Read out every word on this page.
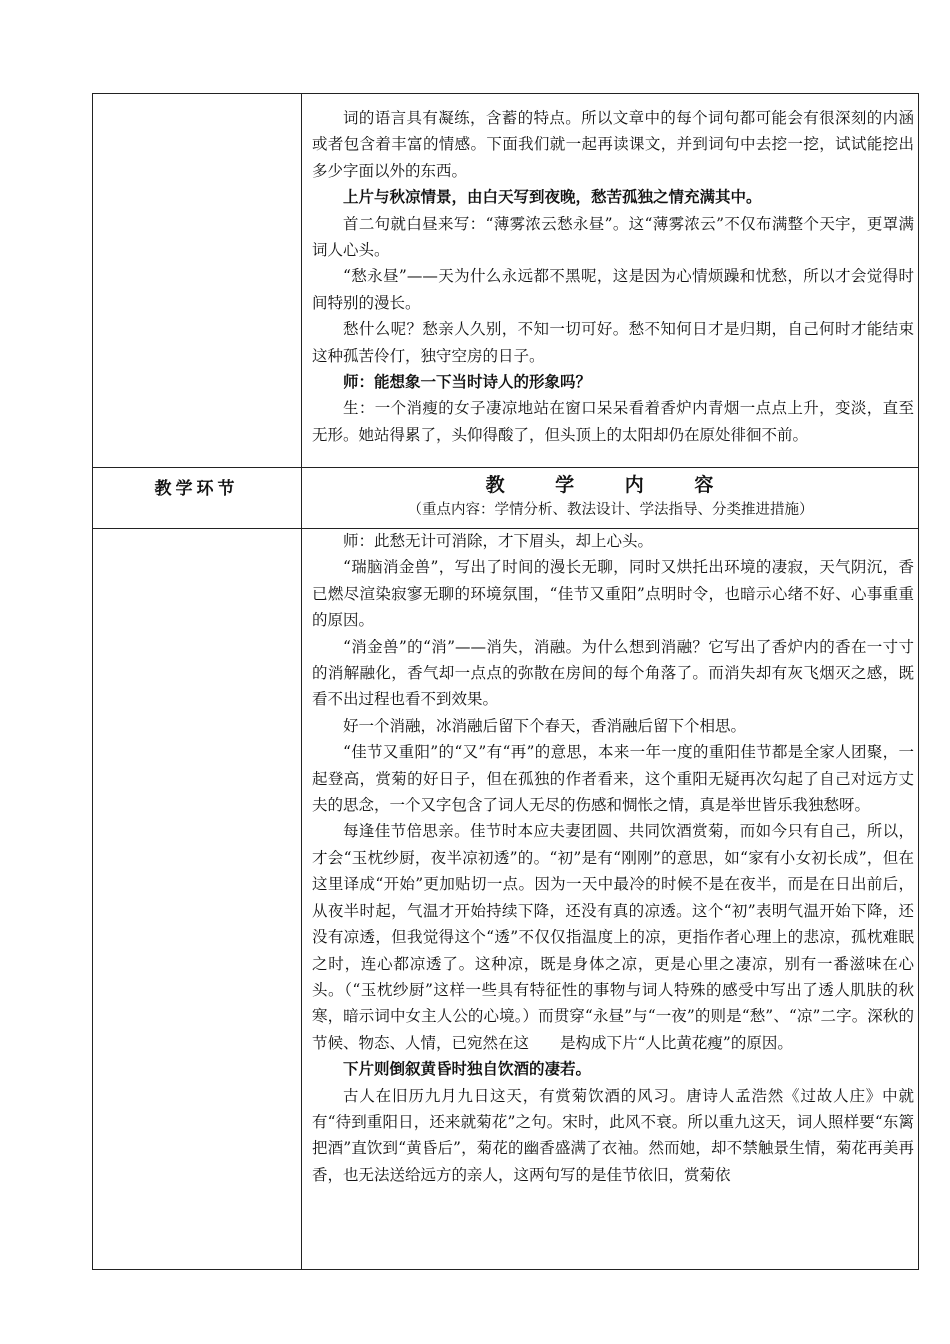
词的语言具有凝练，含蓄的特点。所以文章中的每个词句都可能会有很深刻的内涵或者包含着丰富的情感。下面我们就一起再读课文，并到词句中去挖一挖，试试能挖出多少字面以外的东西。

上片与秋凉情景，由白天写到夜晚，愁苦孤独之情充满其中。

首二句就白昼来写：“薄雾浓云愁永昼”。这“薄雾浓云”不仅布满整个天宇，更罩满词人心头。

“愁永昼”——天为什么永远都不黑呢，这是因为心情烦躁和忧愁，所以才会觉得时间特别的漫长。

愁什么呢？愁亲人久别，不知一切可好。愁不知何日才是归期，自己何时才能结束这种孤苦伶仃，独守空房的日子。

师：能想象一下当时诗人的形象吗？

生：一个消瘦的女子凄凉地站在窗口呆呆看着香炉内青烟一点点上升，变淡，直至无形。她站得累了，头仰得酸了，但头顶上的太阳却仍在原处徘徊不前。

教学环节	教 学 内 容
（重点内容：学情分析、教法设计、学法指导、分类推进措施）

师：此愁无计可消除，才下眉头，却上心头。

“瑞脑消金兽”，写出了时间的漫长无聊，同时又烘托出环境的凄寂，天气阴沉，香已燃尽渲染寂寥无聊的环境氛围，“佳节又重阳”点明时令，也暗示心绪不好、心事重重的原因。

“消金兽”的“消”——消失，消融。为什么想到消融？它写出了香炉内的香在一寸寸的消解融化，香气却一点点的弥散在房间的每个角落了。而消失却有灰飞烟灭之感，既看不出过程也看不到效果。

好一个消融，冰消融后留下个春天，香消融后留下个相思。

“佳节又重阳”的“又”有“再”的意思，本来一年一度的重阳佳节都是全家人团聚，一起登高，赏菊的好日子，但在孤独的作者看来，这个重阳无疑再次勾起了自己对远方丈夫的思念，一个又字包含了词人无尽的伤感和惆怅之情，真是举世皆乐我独愁呀。

每逢佳节倍思亲。佳节时本应夫妻团圆、共同饮酒赏菊，而如今只有自己，所以，才会“玉枕纱厨，夜半凉初透”的。“初”是有“刚刚”的意思，如“家有小女初长成”，但在这里译成“开始”更加贴切一点。因为一天中最冷的时候不是在夜半，而是在日出前后，从夜半时起，气温才开始持续下降，还没有真的凉透。这个“初”表明气温开始下降，还没有凉透，但我觉得这个“透”不仅仅指温度上的凉，更指作者心理上的悲凉，孤枕难眠之时，连心都凉透了。这种凉，既是身体之凉，更是心里之凄凉，别有一番滋味在心头。（“玉枕纱厨”这样一些具有特征性的事物与词人特殊的感受中写出了透人肌肤的秋寒，暗示词中女主人公的心境。）而贯穿“永昼”与“一夜”的则是“愁”、“凉”二字。深秋的节候、物态、人情，已宛然在这　　是构成下片“人比黄花瘦”的原因。

下片则倒叙黄昏时独自饮酒的凄若。

古人在旧历九月九日这天，有赏菊饮酒的风习。唐诗人孟浩然《过故人庄》中就有“待到重阳日，还来就菊花”之句。宋时，此风不衰。所以重九这天，词人照样要“东篱把酒”直饮到“黄昏后”，菊花的幽香盛满了衣袖。然而她，却不禁触景生情，菊花再美再香，也无法送给远方的亲人，这两句写的是佳节依旧，赏菊依
